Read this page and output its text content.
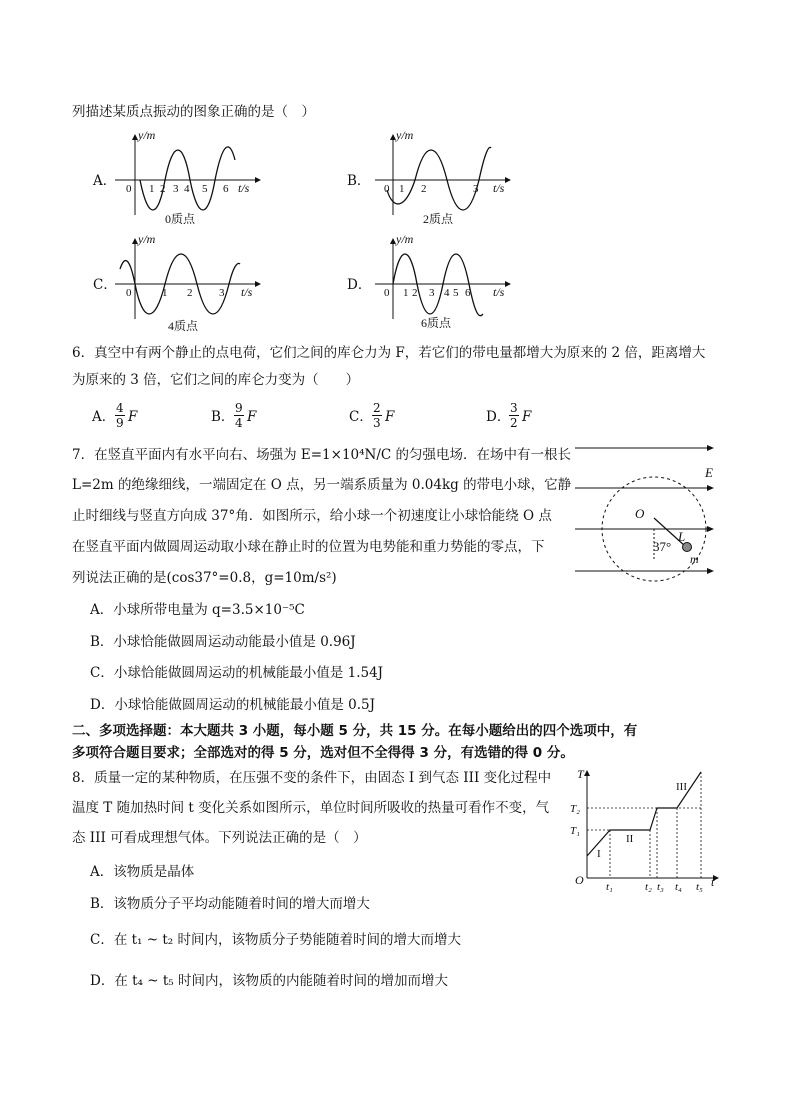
列描述某质点振动的图象正确的是（　）
A．
y/m
t/s
0 1 2 3 4 5 6
0质点
B．
y/m
t/s
0 1 2	3
2质点
C．
y/m
t/s
0	1 2 3
4质点
D．
y/m
t/s
0 1 2 3 4 5 6
6质点
6．真空中有两个静止的点电荷，它们之间的库仑力为 F，若它们的带电量都增大为原来的 2 倍，距离增大
为原来的 3 倍，它们之间的库仑力变为（　　）
A． $\frac{4}{9}$ F	B． $\frac{9}{4}$ F	C． $\frac{2}{3}$ F	D．
$\frac{3}{2}$ F
7．在竖直平面内有水平向右、场强为 E=1×10⁴N/C 的匀强电场．在场中有一根长
L=2m 的绝缘细线，一端固定在 O 点，另一端系质量为 0.04kg 的带电小球，它静
止时细线与竖直方向成 37°角．如图所示，给小球一个初速度让小球恰能绕 O 点
在竖直平面内做圆周运动取小球在静止时的位置为电势能和重力势能的零点，下
列说法正确的是(cos37°=0.8，g=10m/s²)
E
O
L
37°
m
A．小球所带电量为 q=3.5×10⁻⁵C
B．小球恰能做圆周运动动能最小值是 0.96J
C．小球恰能做圆周运动的机械能最小值是 1.54J
D．小球恰能做圆周运动的机械能最小值是 0.5J
二、多项选择题：本大题共 3 小题，每小题 5 分，共 15 分。在每小题给出的四个选项中，有
多项符合题目要求；全部选对的得 5 分，选对但不全得得 3 分，有选错的得 0 分。
8．质量一定的某种物质，在压强不变的条件下，由固态 I 到气态 III 变化过程中
温度 T 随加热时间 t 变化关系如图所示，单位时间所吸收的热量可看作不变，气
态 III 可看成理想气体。下列说法正确的是（　）
T
T₂
T₁
O	t
t₁	t₂ t₃ t₄ t₅
I
II
III
A．该物质是晶体
B．该物质分子平均动能随着时间的增大而增大
C．在 t₁ ~ t₂ 时间内，该物质分子势能随着时间的增大而增大
D．在 t₄ ~ t₅ 时间内，该物质的内能随着时间的增加而增大
